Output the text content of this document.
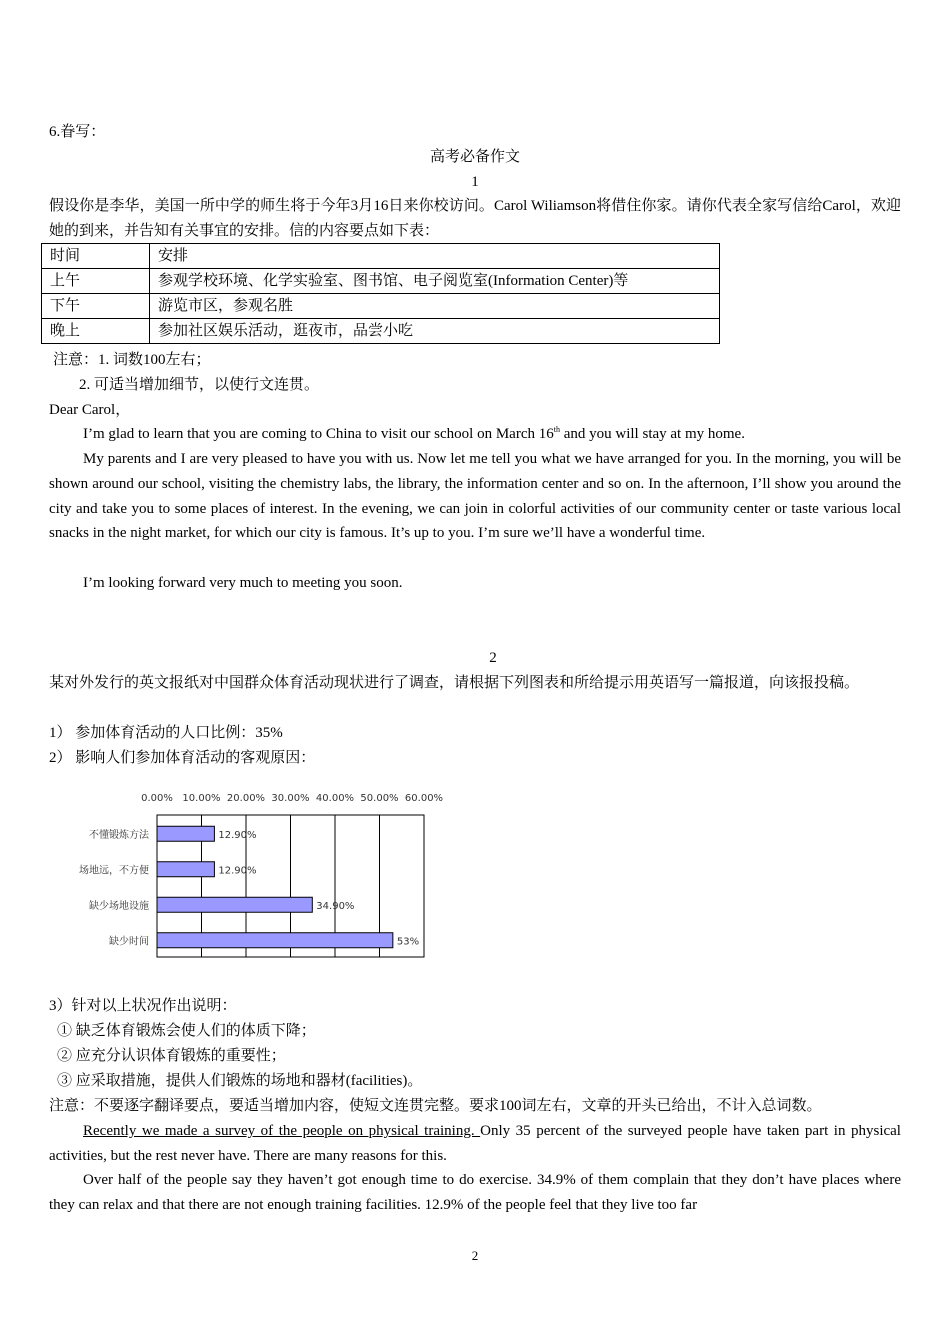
6.眷写：
高考必备作文
1
假设你是李华，美国一所中学的师生将于今年3月16日来你校访问。Carol Wiliamson将借住你家。请你代表全家写信给Carol，欢迎她的到来，并告知有关事宜的安排。信的内容要点如下表：
时间	安排
上午	参观学校环境、化学实验室、图书馆、电子阅览室(Information Center)等
下午	游览市区，参观名胜
晚上	参加社区娱乐活动，逛夜市，品尝小吃
注意：1. 词数100左右；
2. 可适当增加细节，以使行文连贯。
Dear Carol，
I’m glad to learn that you are coming to China to visit our school on March 16th and you will stay at my home.
My parents and I are very pleased to have you with us. Now let me tell you what we have arranged for you. In the morning, you will be shown around our school, visiting the chemistry labs, the library, the information center and so on. In the afternoon, I’ll show you around the city and take you to some places of interest. In the evening, we can join in colorful activities of our community center or taste various local snacks in the night market, for which our city is famous. It’s up to you. I’m sure we’ll have a wonderful time.
I’m looking forward very much to meeting you soon.
2
某对外发行的英文报纸对中国群众体育活动现状进行了调查，请根据下列图表和所给提示用英语写一篇报道，向该报投稿。
1） 参加体育活动的人口比例：35%
2） 影响人们参加体育活动的客观原因：
0.00% 10.00% 20.00% 30.00% 40.00% 50.00% 60.00%
不懂锻炼方法	12.90%
场地远，不方便	12.90%
缺少场地设施	34.90%
缺少时间	53%
3）针对以上状况作出说明：
① 缺乏体育锻炼会使人们的体质下降；
② 应充分认识体育锻炼的重要性；
③ 应采取措施，提供人们锻炼的场地和器材(facilities)。
注意：不要逐字翻译要点，要适当增加内容，使短文连贯完整。要求100词左右，文章的开头已给出，不计入总词数。
Recently we made a survey of the people on physical training. Only 35 percent of the surveyed people have taken part in physical activities, but the rest never have. There are many reasons for this.
Over half of the people say they haven’t got enough time to do exercise. 34.9% of them complain that they don’t have places where they can relax and that there are not enough training facilities. 12.9% of the people feel that they live too far
2
